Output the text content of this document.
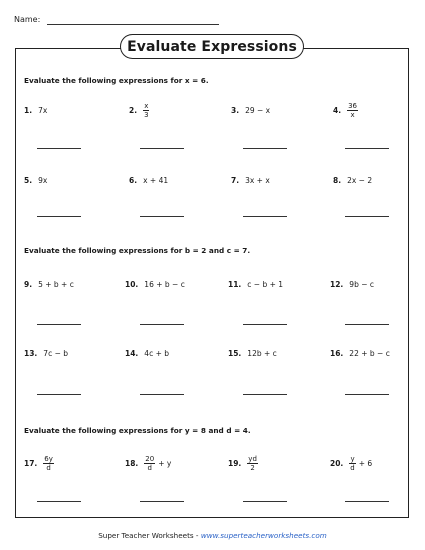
Name:
Evaluate Expressions
Evaluate the following expressions for x = 6.
1. 7x	2. $\frac{x}{3}$	3. 29 − x	4. $\frac{36}{x}$
5. 9x	6. x + 41	7. 3x + x	8. 2x − 2
Evaluate the following expressions for b = 2 and c = 7.
9. 5 + b + c	10. 16 + b − c	11. c − b + 1	12. 9b − c
13. 7c − b	14. 4c + b	15. 12b + c	16. 22 + b − c
Evaluate the following expressions for y = 8 and d = 4.
17. $\frac{6y}{d}$	18. $\frac{20}{d} + y$	19. $\frac{yd}{2}$	20. $\frac{y}{d} + 6$
Super Teacher Worksheets - www.superteacherworksheets.com
